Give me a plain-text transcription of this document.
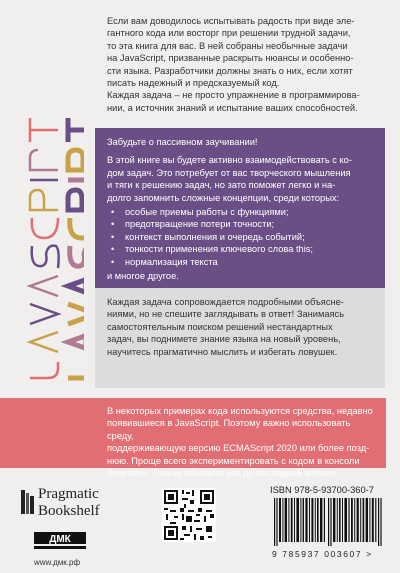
Если вам доводилось испытывать радость при виде эле-

гантного кода или восторг при решении трудной задачи,

то эта книга для вас. В ней собраны необычные задачи

на JavaScript, призванные раскрыть нюансы и особенно-

сти языка. Разработчики должны знать о них, если хотят

писать надежный и предсказуемый код.

Каждая задача – не просто упражнение в программирова-

нии, а источник знаний и испытание ваших способностей.

Забудьте о пассивном заучивании!

В этой книге вы будете активно взаимодействовать с ко-

дом задач. Это потребует от вас творческого мышления

и тяги к решению задач, но зато поможет легко и на-

долго запомнить сложные концепции, среди которых:

• особые приемы работы с функциями;
• предотвращение потери точности;
• контекст выполнения и очередь событий;
• тонкости применения ключевого слова this;
• нормализация текста

и многое другое.

Каждая задача сопровождается подробными объясне-

ниями, но не спешите заглядывать в ответ! Занимаясь

самостоятельным поиском решений нестандартных

задач, вы поднимете знание языка на новый уровень,

научитесь прагматично мыслить и избегать ловушек.

В некоторых примерах кода используются средства, недавно

появившиеся в JavaScript. Поэтому важно использовать среду,

поддерживающую версию ECMAScript 2020 или более позд-

нюю. Проще всего экспериментировать с кодом в консоли

браузера. Только обновите его до последней версии.

Pragmatic
Bookshelf
ДМК
www.дмк.рф
ISBN 978-5-93700-360-7
9 785937 003607 >
